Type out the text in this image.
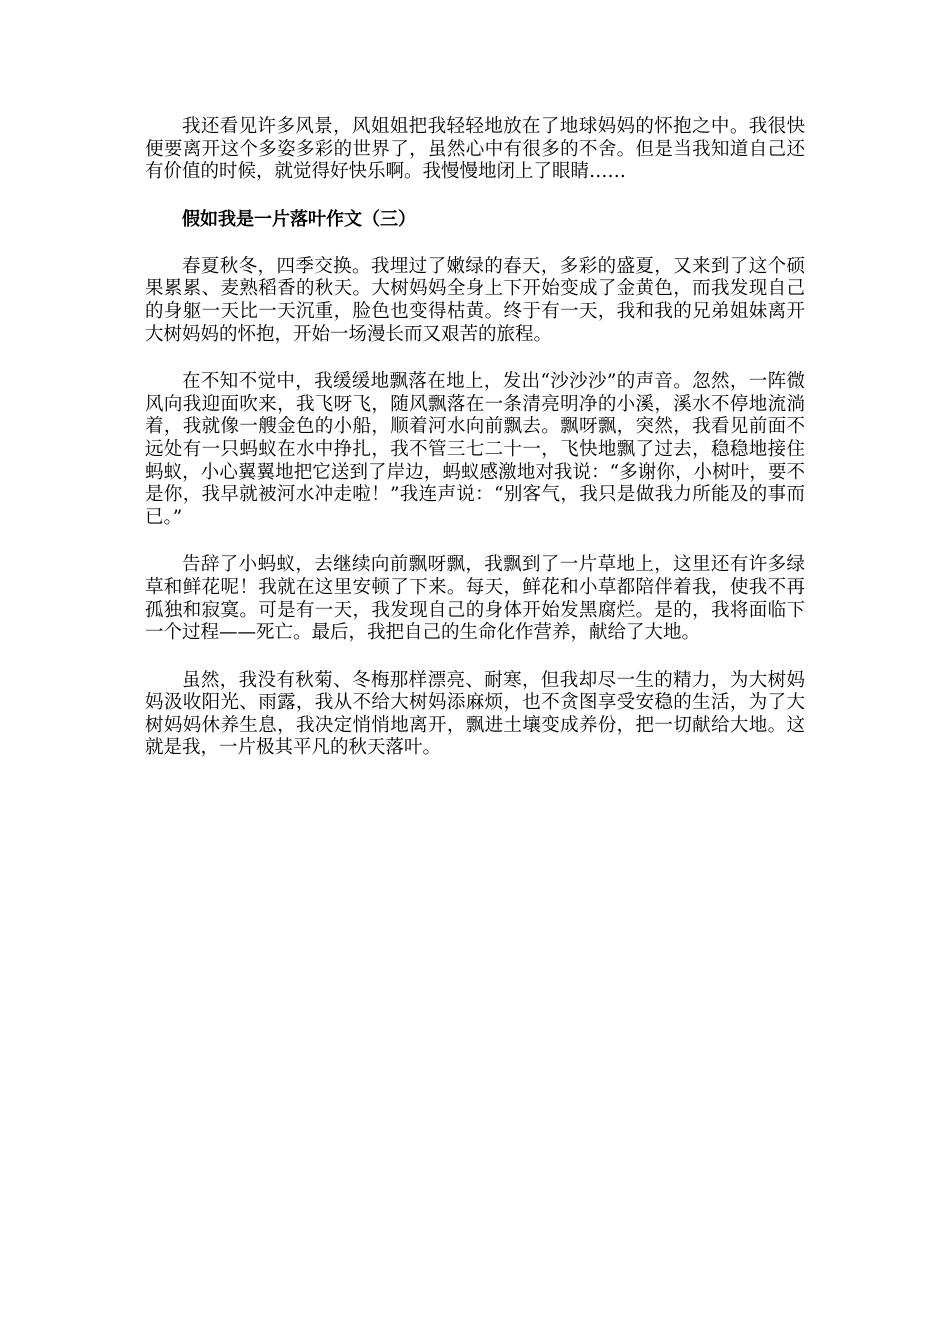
我还看见许多风景，风姐姐把我轻轻地放在了地球妈妈的怀抱之中。我很快便要离开这个多姿多彩的世界了，虽然心中有很多的不舍。但是当我知道自己还有价值的时候，就觉得好快乐啊。我慢慢地闭上了眼睛……

假如我是一片落叶作文（三）

春夏秋冬，四季交换。我埋过了嫩绿的春天，多彩的盛夏，又来到了这个硕果累累、麦熟稻香的秋天。大树妈妈全身上下开始变成了金黄色，而我发现自己的身躯一天比一天沉重，脸色也变得枯黄。终于有一天，我和我的兄弟姐妹离开大树妈妈的怀抱，开始一场漫长而又艰苦的旅程。

在不知不觉中，我缓缓地飘落在地上，发出“沙沙沙”的声音。忽然，一阵微风向我迎面吹来，我飞呀飞，随风飘落在一条清亮明净的小溪，溪水不停地流淌着，我就像一艘金色的小船，顺着河水向前飘去。飘呀飘，突然，我看见前面不远处有一只蚂蚁在水中挣扎，我不管三七二十一，飞快地飘了过去，稳稳地接住蚂蚁，小心翼翼地把它送到了岸边，蚂蚁感激地对我说：“多谢你，小树叶，要不是你，我早就被河水冲走啦！”我连声说：“别客气，我只是做我力所能及的事而已。”

告辞了小蚂蚁，去继续向前飘呀飘，我飘到了一片草地上，这里还有许多绿草和鲜花呢！我就在这里安顿了下来。每天，鲜花和小草都陪伴着我，使我不再孤独和寂寞。可是有一天，我发现自己的身体开始发黑腐烂。是的，我将面临下一个过程——死亡。最后，我把自己的生命化作营养，献给了大地。

虽然，我没有秋菊、冬梅那样漂亮、耐寒，但我却尽一生的精力，为大树妈妈汲收阳光、雨露，我从不给大树妈添麻烦，也不贪图享受安稳的生活，为了大树妈妈休养生息，我决定悄悄地离开，飘进土壤变成养份，把一切献给大地。这就是我，一片极其平凡的秋天落叶。
